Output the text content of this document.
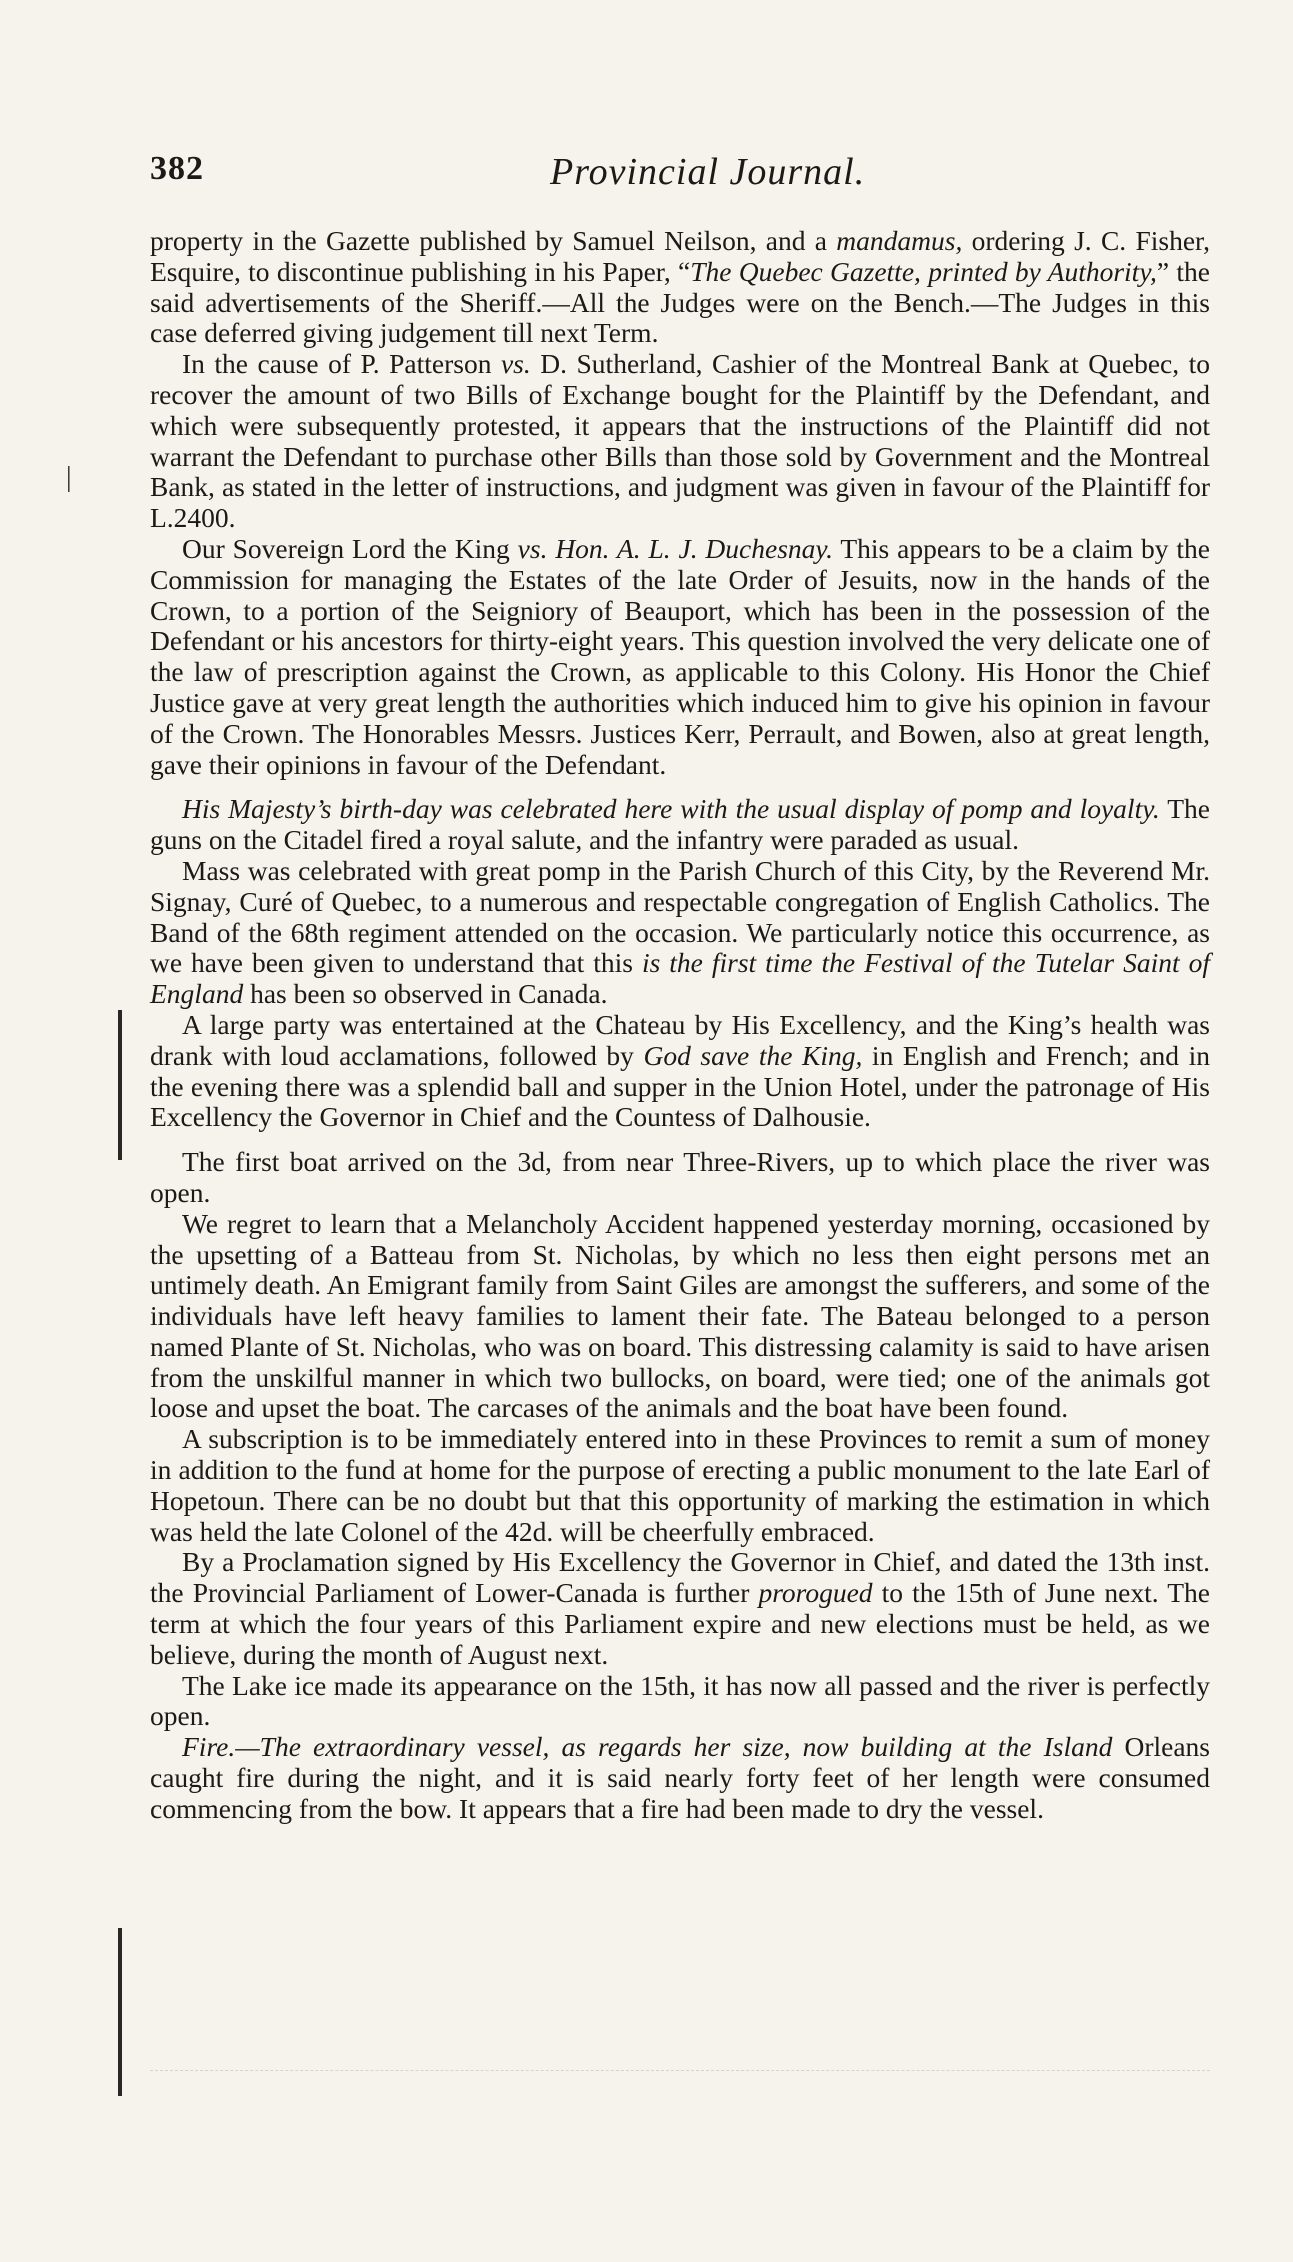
382	Provincial Journal.
|

property in the Gazette published by Samuel Neilson, and a mandamus, ordering J. C. Fisher, Esquire, to discontinue publishing in his Paper, “The Quebec Gazette, printed by Authority,” the said advertisements of the Sheriff.—All the Judges were on the Bench.—The Judges in this case deferred giving judgement till next Term.

In the cause of P. Patterson vs. D. Sutherland, Cashier of the Montreal Bank at Quebec, to recover the amount of two Bills of Exchange bought for the Plaintiff by the Defendant, and which were subsequently protested, it appears that the instructions of the Plaintiff did not warrant the Defendant to purchase other Bills than those sold by Government and the Montreal Bank, as stated in the letter of instructions, and judgment was given in favour of the Plaintiff for L.2400.

Our Sovereign Lord the King vs. Hon. A. L. J. Duchesnay. This appears to be a claim by the Commission for managing the Estates of the late Order of Jesuits, now in the hands of the Crown, to a portion of the Seigniory of Beauport, which has been in the possession of the Defendant or his ancestors for thirty-eight years. This question involved the very delicate one of the law of prescription against the Crown, as applicable to this Colony. His Honor the Chief Justice gave at very great length the authorities which induced him to give his opinion in favour of the Crown. The Honorables Messrs. Justices Kerr, Perrault, and Bowen, also at great length, gave their opinions in favour of the Defendant.

His Majesty’s birth-day was celebrated here with the usual display of pomp and loyalty. The guns on the Citadel fired a royal salute, and the infantry were paraded as usual.

Mass was celebrated with great pomp in the Parish Church of this City, by the Reverend Mr. Signay, Curé of Quebec, to a numerous and respectable congregation of English Catholics. The Band of the 68th regiment attended on the occasion. We particularly notice this occurrence, as we have been given to understand that this is the first time the Festival of the Tutelar Saint of England has been so observed in Canada.

A large party was entertained at the Chateau by His Excellency, and the King’s health was drank with loud acclamations, followed by God save the King, in English and French; and in the evening there was a splendid ball and supper in the Union Hotel, under the patronage of His Excellency the Governor in Chief and the Countess of Dalhousie.

The first boat arrived on the 3d, from near Three-Rivers, up to which place the river was open.

We regret to learn that a Melancholy Accident happened yesterday morning, occasioned by the upsetting of a Batteau from St. Nicholas, by which no less then eight persons met an untimely death. An Emigrant family from Saint Giles are amongst the sufferers, and some of the individuals have left heavy families to lament their fate. The Bateau belonged to a person named Plante of St. Nicholas, who was on board. This distressing calamity is said to have arisen from the unskilful manner in which two bullocks, on board, were tied; one of the animals got loose and upset the boat. The carcases of the animals and the boat have been found.

A subscription is to be immediately entered into in these Provinces to remit a sum of money in addition to the fund at home for the purpose of erecting a public monument to the late Earl of Hopetoun. There can be no doubt but that this opportunity of marking the estimation in which was held the late Colonel of the 42d. will be cheerfully embraced.

By a Proclamation signed by His Excellency the Governor in Chief, and dated the 13th inst. the Provincial Parliament of Lower-Canada is further prorogued to the 15th of June next. The term at which the four years of this Parliament expire and new elections must be held, as we believe, during the month of August next.

The Lake ice made its appearance on the 15th, it has now all passed and the river is perfectly open.

Fire.—The extraordinary vessel, as regards her size, now building at the Island Orleans caught fire during the night, and it is said nearly forty feet of her length were consumed commencing from the bow. It appears that a fire had been made to dry the vessel.
